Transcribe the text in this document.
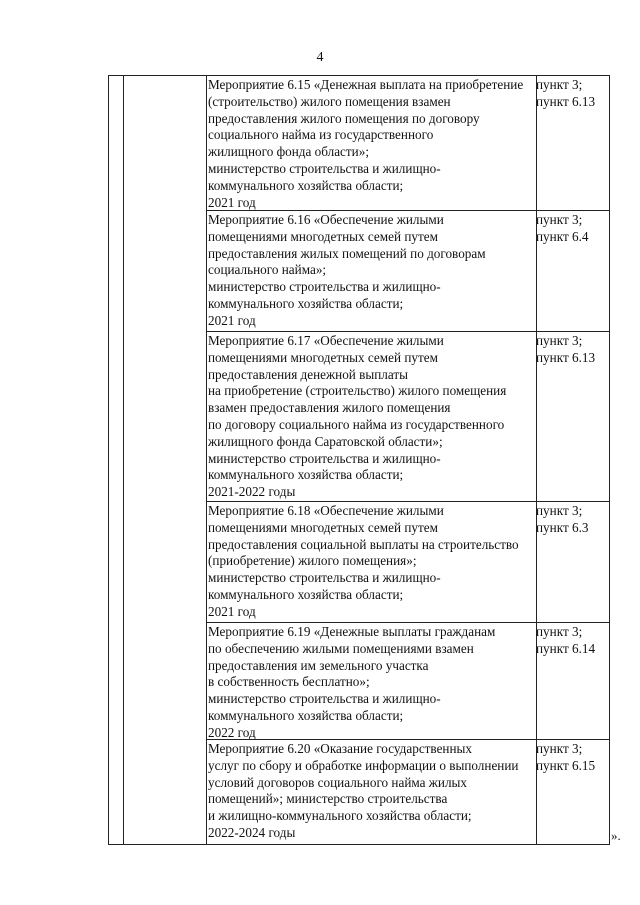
4
Мероприятие 6.15 «Денежная выплата на приобретение
(строительство) жилого помещения взамен
предоставления жилого помещения по договору
социального найма из государственного
жилищного фонда области»;
министерство строительства и жилищно-
коммунального хозяйства области;
2021 год
пункт 3;
пункт 6.13
Мероприятие 6.16 «Обеспечение жилыми
помещениями многодетных семей путем
предоставления жилых помещений по договорам
социального найма»;
министерство строительства и жилищно-
коммунального хозяйства области;
2021 год
пункт 3;
пункт 6.4
Мероприятие 6.17 «Обеспечение жилыми
помещениями многодетных семей путем
предоставления денежной выплаты
на приобретение (строительство) жилого помещения
взамен предоставления жилого помещения
по договору социального найма из государственного
жилищного фонда Саратовской области»;
министерство строительства и жилищно-
коммунального хозяйства области;
2021-2022 годы
пункт 3;
пункт 6.13
Мероприятие 6.18 «Обеспечение жилыми
помещениями многодетных семей путем
предоставления социальной выплаты на строительство
(приобретение) жилого помещения»;
министерство строительства и жилищно-
коммунального хозяйства области;
2021 год
пункт 3;
пункт 6.3
Мероприятие 6.19 «Денежные выплаты гражданам
по обеспечению жилыми помещениями взамен
предоставления им земельного участка
в собственность бесплатно»;
министерство строительства и жилищно-
коммунального хозяйства области;
2022 год
пункт 3;
пункт 6.14
Мероприятие 6.20 «Оказание государственных
услуг по сбору и обработке информации о выполнении
условий договоров социального найма жилых
помещений»; министерство строительства
и жилищно-коммунального хозяйства области;
2022-2024 годы
пункт 3;
пункт 6.15
».
